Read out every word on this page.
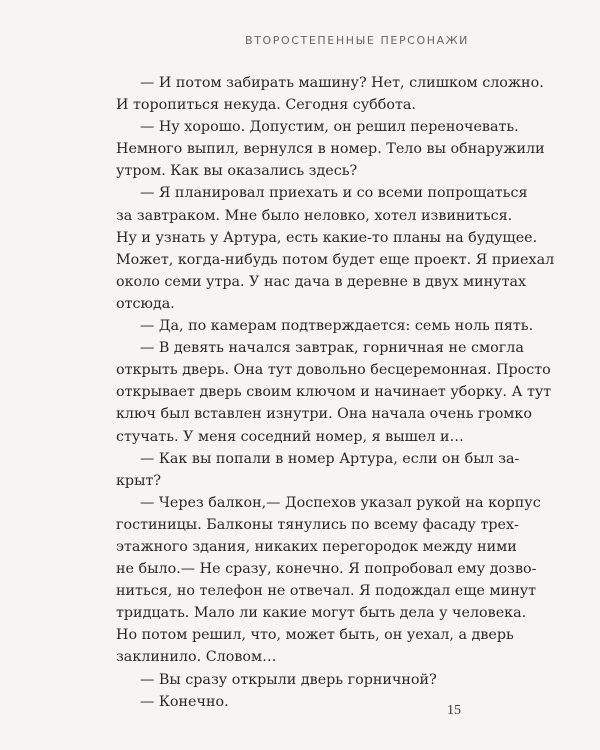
ВТОРОСТЕПЕННЫЕ ПЕРСОНАЖИ

— И потом забирать машину? Нет, слишком сложно.
И торопиться некуда. Сегодня суббота.

— Ну хорошо. Допустим, он решил переночевать.
Немного выпил, вернулся в номер. Тело вы обнаружили
утром. Как вы оказались здесь?

— Я планировал приехать и со всеми попрощаться
за завтраком. Мне было неловко, хотел извиниться.
Ну и узнать у Артура, есть какие-то планы на будущее.
Может, когда-нибудь потом будет еще проект. Я приехал
около семи утра. У нас дача в деревне в двух минутах
отсюда.

— Да, по камерам подтверждается: семь ноль пять.

— В девять начался завтрак, горничная не смогла
открыть дверь. Она тут довольно бесцеремонная. Просто
открывает дверь своим ключом и начинает уборку. А тут
ключ был вставлен изнутри. Она начала очень громко
стучать. У меня соседний номер, я вышел и…

— Как вы попали в номер Артура, если он был за-
крыт?

— Через балкон,— Доспехов указал рукой на корпус
гостиницы. Балконы тянулись по всему фасаду трех-
этажного здания, никаких перегородок между ними
не было.— Не сразу, конечно. Я попробовал ему дозво-
ниться, но телефон не отвечал. Я подождал еще минут
тридцать. Мало ли какие могут быть дела у человека.
Но потом решил, что, может быть, он уехал, а дверь
заклинило. Словом…

— Вы сразу открыли дверь горничной?

— Конечно.

15
